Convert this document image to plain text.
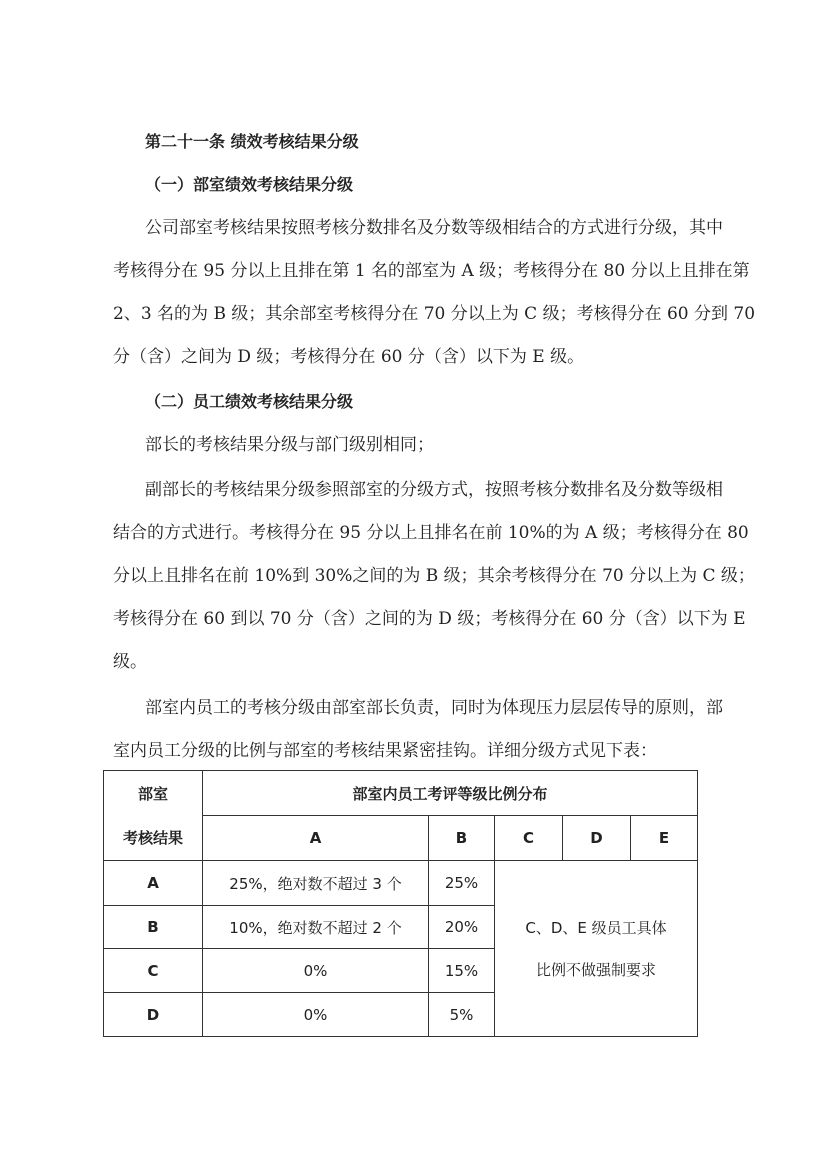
第二十一条 绩效考核结果分级
（一）部室绩效考核结果分级
公司部室考核结果按照考核分数排名及分数等级相结合的方式进行分级，其中
考核得分在 95 分以上且排在第 1 名的部室为 A 级；考核得分在 80 分以上且排在第
2、3 名的为 B 级；其余部室考核得分在 70 分以上为 C 级；考核得分在 60 分到 70
分（含）之间为 D 级；考核得分在 60 分（含）以下为 E 级。
（二）员工绩效考核结果分级
部长的考核结果分级与部门级别相同；
副部长的考核结果分级参照部室的分级方式，按照考核分数排名及分数等级相
结合的方式进行。考核得分在 95 分以上且排名在前 10%的为 A 级；考核得分在 80
分以上且排名在前 10%到 30%之间的为 B 级；其余考核得分在 70 分以上为 C 级；
考核得分在 60 到以 70 分（含）之间的为 D 级；考核得分在 60 分（含）以下为 E
级。
部室内员工的考核分级由部室部长负责，同时为体现压力层层传导的原则，部
室内员工分级的比例与部室的考核结果紧密挂钩。详细分级方式见下表：
部室
考核结果	部室内员工考评等级比例分布				
	A	B	C	D	E
A	25%，绝对数不超过 3 个	25%	C、D、E 级员工具体
比例不做强制要求		

B	10%，绝对数不超过 2 个	20%			
C	0%	15%			
D	0%	5%			
